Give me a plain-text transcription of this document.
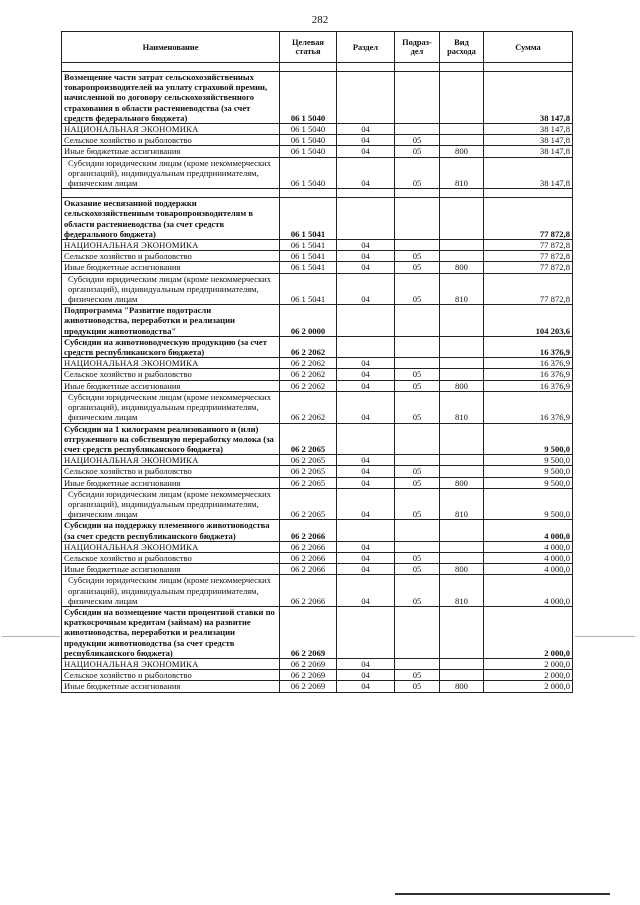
282
Наименование	Целевая статья	Раздел	Подраз-дел	Вид расхода	Сумма

Возмещение части затрат сельскохозяйственных товаропроизводителей на уплату страховой премии, начисленной по договору сельскохозяйственного страхования в области растениеводства (за счет средств федерального бюджета)	06 1 5040				38 147,8
НАЦИОНАЛЬНАЯ ЭКОНОМИКА	06 1 5040	04			38 147,8
Сельское хозяйство и рыболовство	06 1 5040	04	05		38 147,8
Иные бюджетные ассигнования	06 1 5040	04	05	800	38 147,8
Субсидии юридическим лицам (кроме некоммерческих организаций), индивидуальным предпринимателям, физическим лицам	06 1 5040	04	05	810	38 147,8

Оказание несвязанной поддержки сельскохозяйственным товаропроизводителям в области растениеводства (за счет средств федерального бюджета)	06 1 5041				77 872,8
НАЦИОНАЛЬНАЯ ЭКОНОМИКА	06 1 5041	04			77 872,8
Сельское хозяйство и рыболовство	06 1 5041	04	05		77 872,8
Иные бюджетные ассигнования	06 1 5041	04	05	800	77 872,8
Субсидии юридическим лицам (кроме некоммерческих организаций), индивидуальным предпринимателям, физическим лицам	06 1 5041	04	05	810	77 872,8
Подпрограмма "Развитие подотрасли животноводства, переработки и реализации продукции животноводства"	06 2 0000				104 203,6
Субсидии на животноводческую продукцию (за счет средств республиканского бюджета)	06 2 2062				16 376,9
НАЦИОНАЛЬНАЯ ЭКОНОМИКА	06 2 2062	04			16 376,9
Сельское хозяйство и рыболовство	06 2 2062	04	05		16 376,9
Иные бюджетные ассигнования	06 2 2062	04	05	800	16 376,9
Субсидии юридическим лицам (кроме некоммерческих организаций), индивидуальным предпринимателям, физическим лицам	06 2 2062	04	05	810	16 376,9
Субсидии на 1 килограмм реализованного и (или) отгруженного на собственную переработку молока (за счет средств республиканского бюджета)	06 2 2065				9 500,0
НАЦИОНАЛЬНАЯ ЭКОНОМИКА	06 2 2065	04			9 500,0
Сельское хозяйство и рыболовство	06 2 2065	04	05		9 500,0
Иные бюджетные ассигнования	06 2 2065	04	05	800	9 500,0
Субсидии юридическим лицам (кроме некоммерческих организаций), индивидуальным предпринимателям, физическим лицам	06 2 2065	04	05	810	9 500,0
Субсидии на поддержку племенного животноводства (за счет средств республиканского бюджета)	06 2 2066				4 000,0
НАЦИОНАЛЬНАЯ ЭКОНОМИКА	06 2 2066	04			4 000,0
Сельское хозяйство и рыболовство	06 2 2066	04	05		4 000,0
Иные бюджетные ассигнования	06 2 2066	04	05	800	4 000,0
Субсидии юридическим лицам (кроме некоммерческих организаций), индивидуальным предпринимателям, физическим лицам	06 2 2066	04	05	810	4 000,0
Субсидии на возмещение части процентной ставки по краткосрочным кредитам (займам) на развитие животноводства, переработки и реализации продукции животноводства (за счет средств республиканского бюджета)	06 2 2069				2 000,0
НАЦИОНАЛЬНАЯ ЭКОНОМИКА	06 2 2069	04			2 000,0
Сельское хозяйство и рыболовство	06 2 2069	04	05		2 000,0
Иные бюджетные ассигнования	06 2 2069	04	05	800	2 000,0
